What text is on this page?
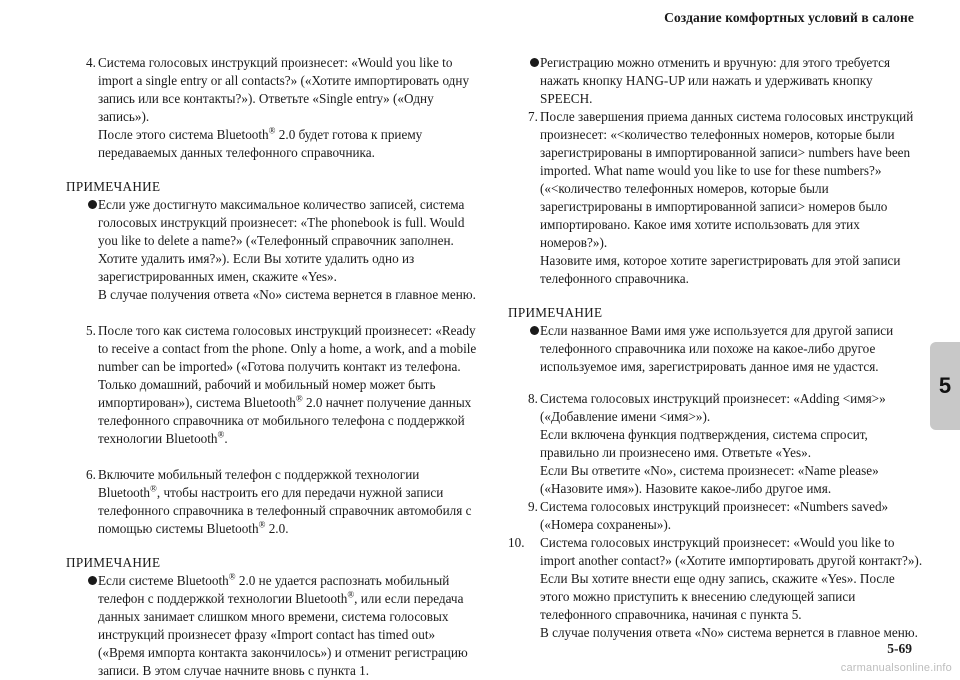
Создание комфортных условий в салоне
4. Система голосовых инструкций произнесет: «Would you like to import a single entry or all contacts?» («Хотите импортировать одну запись или все контакты?»). Ответьте «Single entry» («Одну запись»).
После этого система Bluetooth® 2.0 будет готова к приему передаваемых данных телефонного справочника.
ПРИМЕЧАНИЕ
Если уже достигнуто максимальное количество записей, система голосовых инструкций произнесет: «The phonebook is full. Would you like to delete a name?» («Телефонный справочник заполнен. Хотите удалить имя?»). Если Вы хотите удалить одно из зарегистрированных имен, скажите «Yes».
В случае получения ответа «No» система вернется в главное меню.
5. После того как система голосовых инструкций произнесет: «Ready to receive a contact from the phone. Only a home, a work, and a mobile number can be imported» («Готова получить контакт из телефона. Только домашний, рабочий и мобильный номер может быть импортирован»), система Bluetooth® 2.0 начнет получение данных телефонного справочника от мобильного телефона с поддержкой технологии Bluetooth®.
6. Включите мобильный телефон с поддержкой технологии Bluetooth®, чтобы настроить его для передачи нужной записи телефонного справочника в телефонный справочник автомобиля с помощью системы Bluetooth® 2.0.
ПРИМЕЧАНИЕ
Если системе Bluetooth® 2.0 не удается распознать мобильный телефон с поддержкой технологии Bluetooth®, или если передача данных занимает слишком много времени, система голосовых инструкций произнесет фразу «Import contact has timed out» («Время импорта контакта закончилось») и отменит регистрацию записи. В этом случае начните вновь с пункта 1.
Регистрацию можно отменить и вручную: для этого требуется нажать кнопку HANG-UP или нажать и удерживать кнопку SPEECH.
7. После завершения приема данных система голосовых инструкций произнесет: «<количество телефонных номеров, которые были зарегистрированы в импортированной записи> numbers have been imported. What name would you like to use for these numbers?» («<количество телефонных номеров, которые были зарегистрированы в импортированной записи> номеров было импортировано. Какое имя хотите использовать для этих номеров?»).
Назовите имя, которое хотите зарегистрировать для этой записи телефонного справочника.
ПРИМЕЧАНИЕ
Если названное Вами имя уже используется для другой записи телефонного справочника или похоже на какое-либо другое используемое имя, зарегистрировать данное имя не удастся.
8. Система голосовых инструкций произнесет: «Adding <имя>» («Добавление имени <имя>»).
Если включена функция подтверждения, система спросит, правильно ли произнесено имя. Ответьте «Yes».
Если Вы ответите «No», система произнесет: «Name please» («Назовите имя»). Назовите какое-либо другое имя.
9. Система голосовых инструкций произнесет: «Numbers saved» («Номера сохранены»).
10.	Система голосовых инструкций произнесет: «Would you like to import another contact?» («Хотите импортировать другой контакт?»).
Если Вы хотите внести еще одну запись, скажите «Yes». После этого можно приступить к внесению следующей записи телефонного справочника, начиная с пункта 5.
В случае получения ответа «No» система вернется в главное меню.
5
5-69
carmanualsonline.info
